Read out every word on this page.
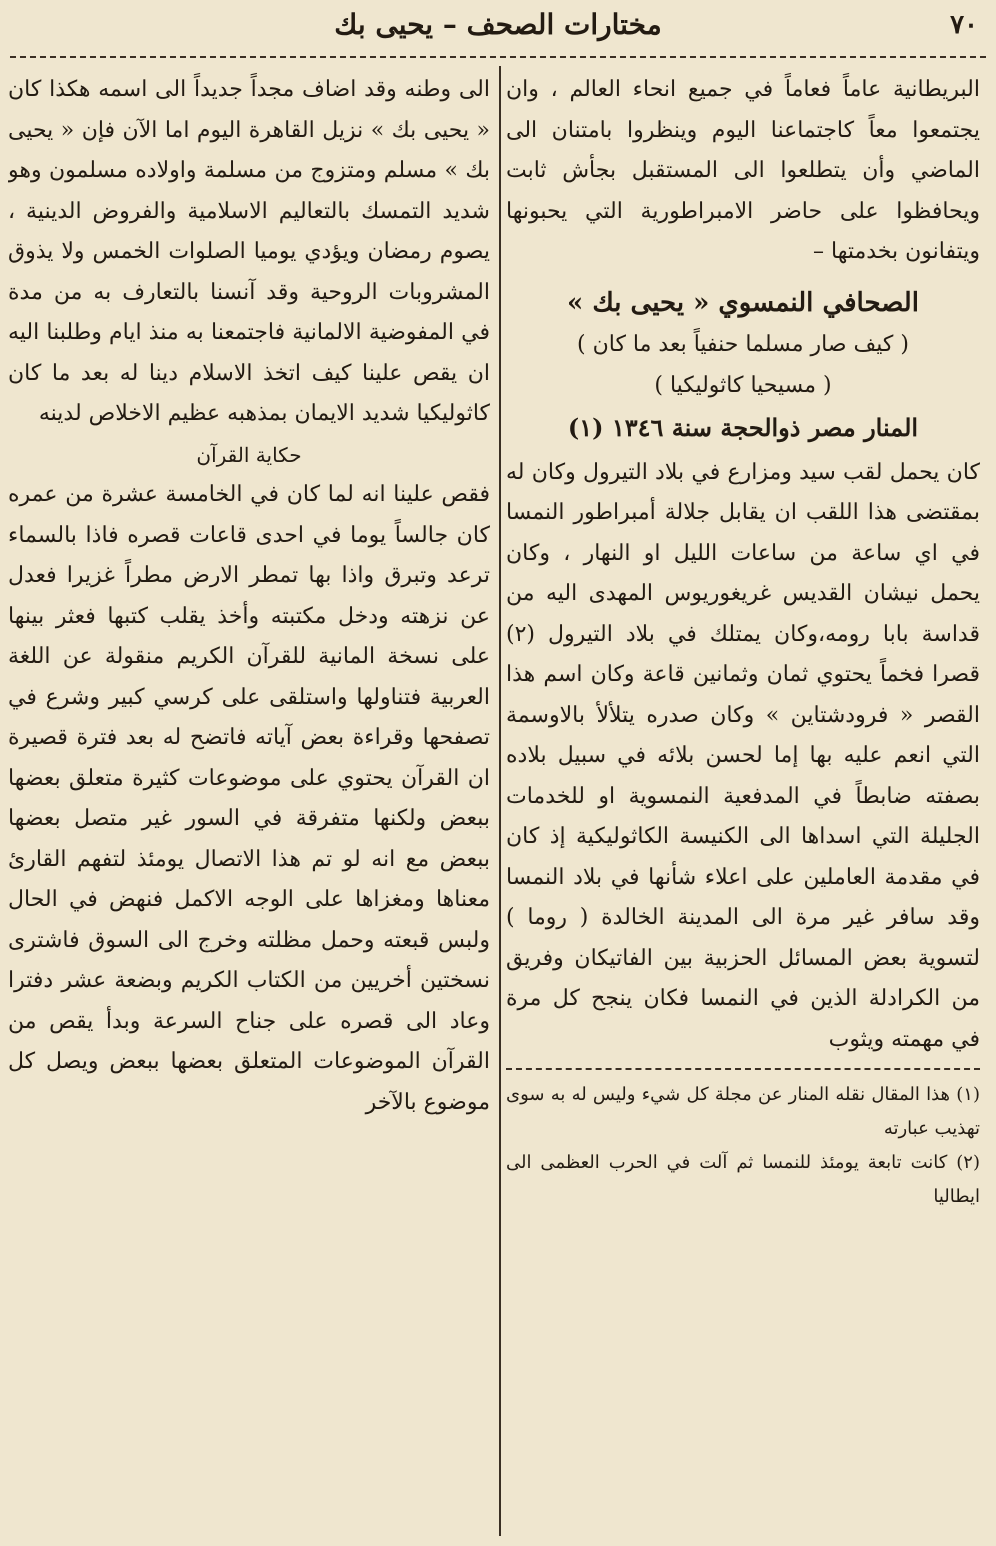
٧٠
مختارات الصحف – يحيى بك

البريطانية عاماً فعاماً في جميع انحاء العالم ، وان يجتمعوا معاً كاجتماعنا اليوم وينظروا بامتنان الى الماضي وأن يتطلعوا الى المستقبل بجأش ثابت ويحافظوا على حاضر الامبراطورية التي يحبونها ويتفانون بخدمتها –

الصحافي النمسوي « يحيى بك »

( كيف صار مسلما حنفياً بعد ما كان )

( مسيحيا كاثوليكيا )

المنار مصر ذوالحجة سنة ١٣٤٦ (١)

كان يحمل لقب سيد ومزارع في بلاد التيرول وكان له بمقتضى هذا اللقب ان يقابل جلالة أمبراطور النمسا في اي ساعة من ساعات الليل او النهار ، وكان يحمل نيشان القديس غريغوريوس المهدى اليه من قداسة بابا رومه،وكان يمتلك في بلاد التيرول (٢) قصرا فخماً يحتوي ثمان وثمانين قاعة وكان اسم هذا القصر « فرودشتاين » وكان صدره يتلألأ بالاوسمة التي انعم عليه بها إما لحسن بلائه في سبيل بلاده بصفته ضابطاً في المدفعية النمسوية او للخدمات الجليلة التي اسداها الى الكنيسة الكاثوليكية إذ كان في مقدمة العاملين على اعلاء شأنها في بلاد النمسا وقد سافر غير مرة الى المدينة الخالدة ( روما ) لتسوية بعض المسائل الحزبية بين الفاتيكان وفريق من الكرادلة الذين في النمسا فكان ينجح كل مرة في مهمته ويثوب

(١) هذا المقال نقله المنار عن مجلة كل شيء وليس له به سوى تهذيب عبارته

(٢) كانت تابعة يومئذ للنمسا ثم آلت في الحرب العظمى الى ايطاليا

الى وطنه وقد اضاف مجداً جديداً الى اسمه هكذا كان « يحيى بك » نزيل القاهرة اليوم اما الآن فإن « يحيى بك » مسلم ومتزوج من مسلمة واولاده مسلمون وهو شديد التمسك بالتعاليم الاسلامية والفروض الدينية ، يصوم رمضان ويؤدي يوميا الصلوات الخمس ولا يذوق المشروبات الروحية وقد آنسنا بالتعارف به من مدة في المفوضية الالمانية فاجتمعنا به منذ ايام وطلبنا اليه ان يقص علينا كيف اتخذ الاسلام دينا له بعد ما كان كاثوليكيا شديد الايمان بمذهبه عظيم الاخلاص لدينه

حكاية القرآن

فقص علينا انه لما كان في الخامسة عشرة من عمره كان جالساً يوما في احدى قاعات قصره فاذا بالسماء ترعد وتبرق واذا بها تمطر الارض مطراً غزيرا فعدل عن نزهته ودخل مكتبته وأخذ يقلب كتبها فعثر بينها على نسخة المانية للقرآن الكريم منقولة عن اللغة العربية فتناولها واستلقى على كرسي كبير وشرع في تصفحها وقراءة بعض آياته فاتضح له بعد فترة قصيرة ان القرآن يحتوي على موضوعات كثيرة متعلق بعضها ببعض ولكنها متفرقة في السور غير متصل بعضها ببعض مع انه لو تم هذا الاتصال يومئذ لتفهم القارئ معناها ومغزاها على الوجه الاكمل فنهض في الحال ولبس قبعته وحمل مظلته وخرج الى السوق فاشترى نسختين أخريين من الكتاب الكريم وبضعة عشر دفترا وعاد الى قصره على جناح السرعة وبدأ يقص من القرآن الموضوعات المتعلق بعضها ببعض ويصل كل موضوع بالآخر
